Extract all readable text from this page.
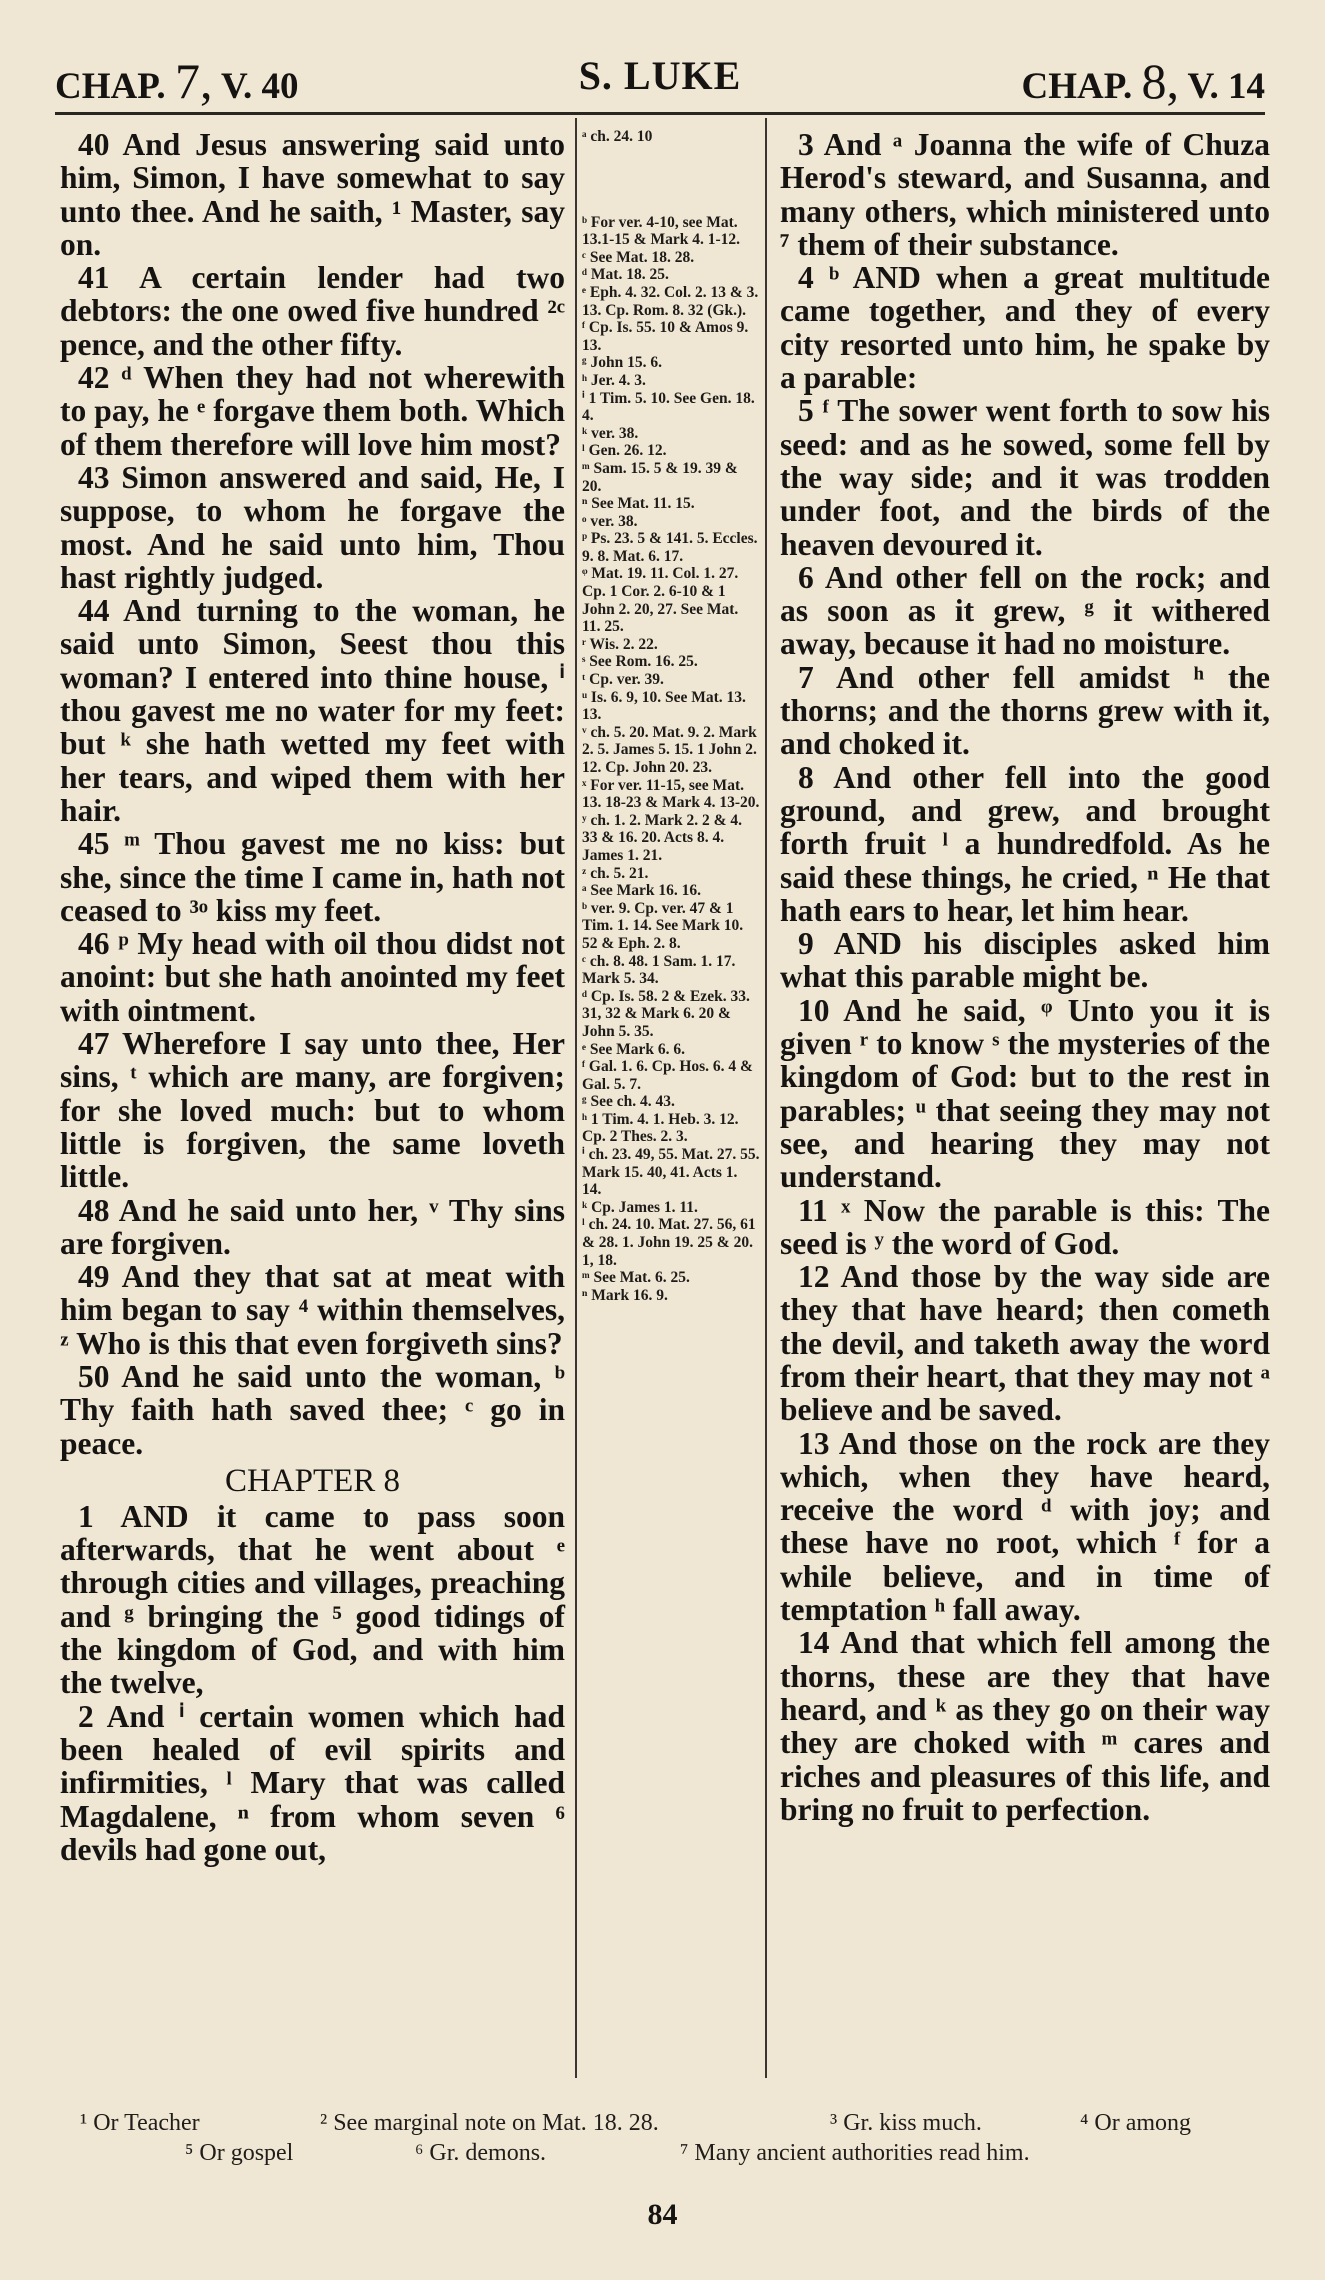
CHAP. 7, V. 40	S. LUKE	CHAP. 8, V. 14

40 And Jesus answering said unto him, Simon, I have somewhat to say unto thee. And he saith, ¹ Master, say on.

41 A certain lender had two debtors: the one owed five hundred ²ᶜ pence, and the other fifty.

42 ᵈ When they had not wherewith to pay, he ᵉ forgave them both. Which of them therefore will love him most?

43 Simon answered and said, He, I suppose, to whom he forgave the most. And he said unto him, Thou hast rightly judged.

44 And turning to the woman, he said unto Simon, Seest thou this woman? I entered into thine house, ⁱ thou gavest me no water for my feet: but ᵏ she hath wetted my feet with her tears, and wiped them with her hair.

45 ᵐ Thou gavest me no kiss: but she, since the time I came in, hath not ceased to ³ᵒ kiss my feet.

46 ᵖ My head with oil thou didst not anoint: but she hath anointed my feet with ointment.

47 Wherefore I say unto thee, Her sins, ᵗ which are many, are forgiven; for she loved much: but to whom little is forgiven, the same loveth little.

48 And he said unto her, ᵛ Thy sins are forgiven.

49 And they that sat at meat with him began to say ⁴ within themselves, ᶻ Who is this that even forgiveth sins?

50 And he said unto the woman, ᵇ Thy faith hath saved thee; ᶜ go in peace.

CHAPTER 8

1 AND it came to pass soon afterwards, that he went about ᵉ through cities and villages, preaching and ᵍ bringing the ⁵ good tidings of the kingdom of God, and with him the twelve,

2 And ⁱ certain women which had been healed of evil spirits and infirmities, ˡ Mary that was called Magdalene, ⁿ from whom seven ⁶ devils had gone out,

ᵃ ch. 24. 10
ᵇ For ver. 4-10, see Mat. 13.1-15 & Mark 4. 1-12.
ᶜ See Mat. 18. 28.
ᵈ Mat. 18. 25.
ᵉ Eph. 4. 32. Col. 2. 13 & 3. 13. Cp. Rom. 8. 32 (Gk.).
ᶠ Cp. Is. 55. 10 & Amos 9. 13.
ᵍ John 15. 6.
ʰ Jer. 4. 3.
ⁱ 1 Tim. 5. 10. See Gen. 18. 4.
ᵏ ver. 38.
ˡ Gen. 26. 12.
ᵐ Sam. 15. 5 & 19. 39 & 20.
ⁿ See Mat. 11. 15.
ᵒ ver. 38.
ᵖ Ps. 23. 5 & 141. 5. Eccles. 9. 8. Mat. 6. 17.
ᵠ Mat. 19. 11. Col. 1. 27. Cp. 1 Cor. 2. 6-10 & 1 John 2. 20, 27. See Mat. 11. 25.
ʳ Wis. 2. 22.
ˢ See Rom. 16. 25.
ᵗ Cp. ver. 39.
ᵘ Is. 6. 9, 10. See Mat. 13. 13.
ᵛ ch. 5. 20. Mat. 9. 2. Mark 2. 5. James 5. 15. 1 John 2. 12. Cp. John 20. 23.
ˣ For ver. 11-15, see Mat. 13. 18-23 & Mark 4. 13-20.
ʸ ch. 1. 2. Mark 2. 2 & 4. 33 & 16. 20. Acts 8. 4. James 1. 21.
ᶻ ch. 5. 21.
ᵃ See Mark 16. 16.
ᵇ ver. 9. Cp. ver. 47 & 1 Tim. 1. 14. See Mark 10. 52 & Eph. 2. 8.
ᶜ ch. 8. 48. 1 Sam. 1. 17. Mark 5. 34.
ᵈ Cp. Is. 58. 2 & Ezek. 33. 31, 32 & Mark 6. 20 & John 5. 35.
ᵉ See Mark 6. 6.
ᶠ Gal. 1. 6. Cp. Hos. 6. 4 & Gal. 5. 7.
ᵍ See ch. 4. 43.
ʰ 1 Tim. 4. 1. Heb. 3. 12. Cp. 2 Thes. 2. 3.
ⁱ ch. 23. 49, 55. Mat. 27. 55. Mark 15. 40, 41. Acts 1. 14.
ᵏ Cp. James 1. 11.
ˡ ch. 24. 10. Mat. 27. 56, 61 & 28. 1. John 19. 25 & 20. 1, 18.
ᵐ See Mat. 6. 25.
ⁿ Mark 16. 9.

3 And ᵃ Joanna the wife of Chuza Herod's steward, and Susanna, and many others, which ministered unto ⁷ them of their substance.

4 ᵇ AND when a great multitude came together, and they of every city resorted unto him, he spake by a parable:

5 ᶠ The sower went forth to sow his seed: and as he sowed, some fell by the way side; and it was trodden under foot, and the birds of the heaven devoured it.

6 And other fell on the rock; and as soon as it grew, ᵍ it withered away, because it had no moisture.

7 And other fell amidst ʰ the thorns; and the thorns grew with it, and choked it.

8 And other fell into the good ground, and grew, and brought forth fruit ˡ a hundredfold. As he said these things, he cried, ⁿ He that hath ears to hear, let him hear.

9 AND his disciples asked him what this parable might be.

10 And he said, ᵠ Unto you it is given ʳ to know ˢ the mysteries of the kingdom of God: but to the rest in parables; ᵘ that seeing they may not see, and hearing they may not understand.

11 ˣ Now the parable is this: The seed is ʸ the word of God.

12 And those by the way side are they that have heard; then cometh the devil, and taketh away the word from their heart, that they may not ᵃ believe and be saved.

13 And those on the rock are they which, when they have heard, receive the word ᵈ with joy; and these have no root, which ᶠ for a while believe, and in time of temptation ʰ fall away.

14 And that which fell among the thorns, these are they that have heard, and ᵏ as they go on their way they are choked with ᵐ cares and riches and pleasures of this life, and bring no fruit to perfection.

¹ Or Teacher	² See marginal note on Mat. 18. 28.	³ Gr. kiss much.	⁴ Or among
⁵ Or gospel	⁶ Gr. demons.	⁷ Many ancient authorities read him.
84
